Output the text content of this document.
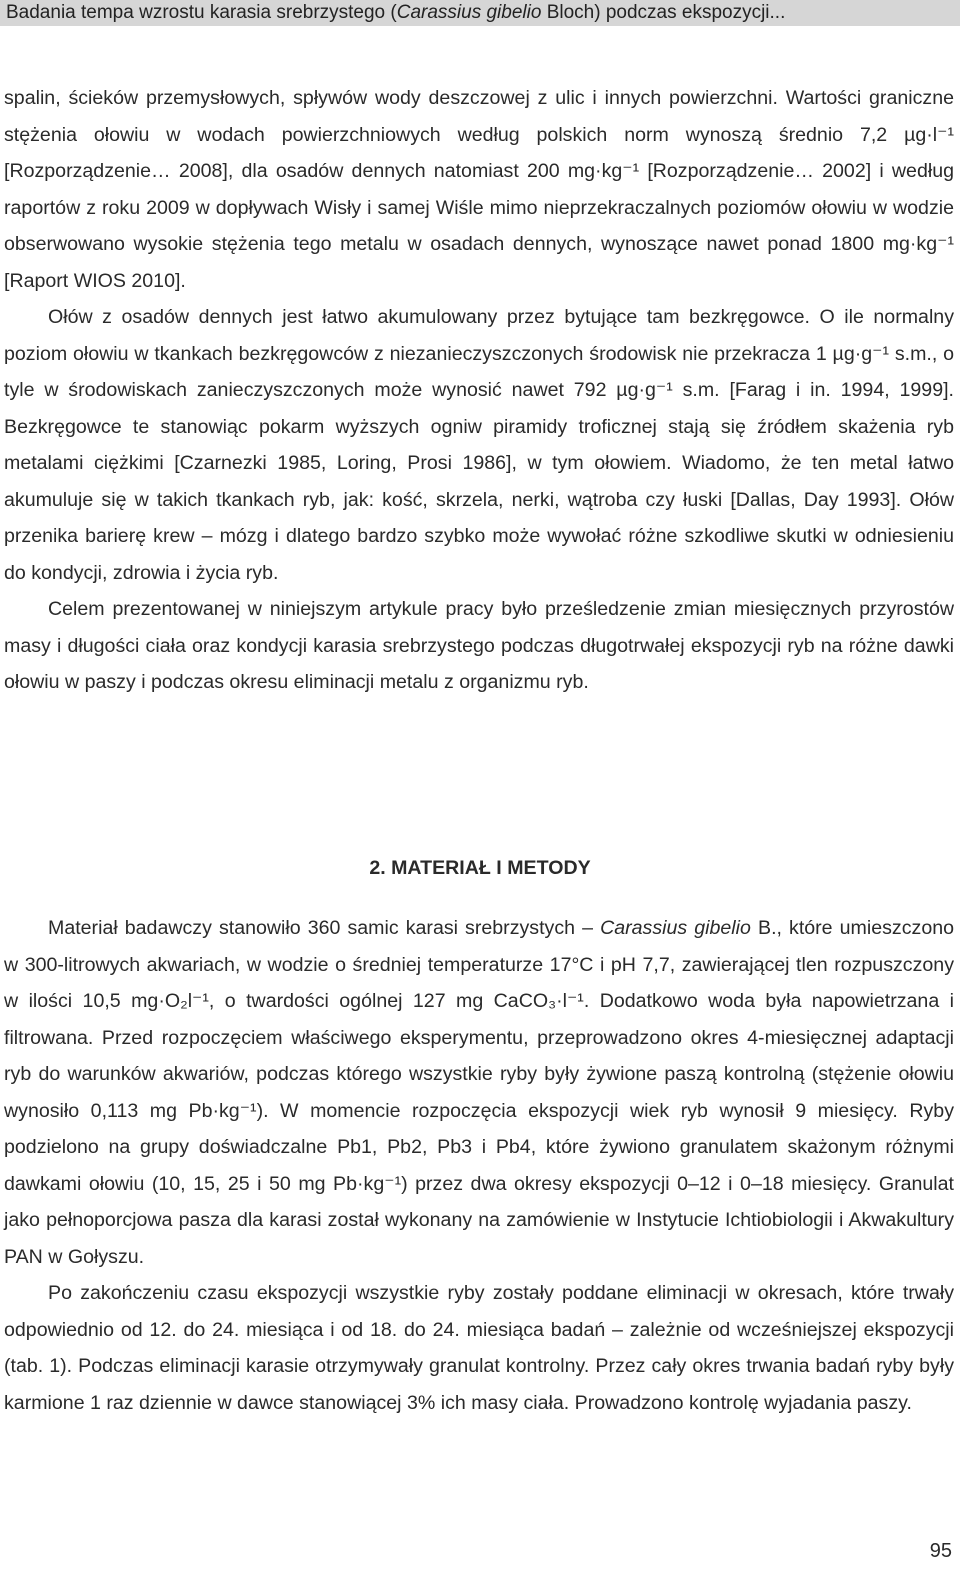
Badania tempa wzrostu karasia srebrzystego (Carassius gibelio Bloch) podczas ekspozycji...

spalin, ścieków przemysłowych, spływów wody deszczowej z ulic i innych powierzchni. Wartości graniczne stężenia ołowiu w wodach powierzchniowych według polskich norm wynoszą średnio 7,2 µg·l⁻¹ [Rozporządzenie… 2008], dla osadów dennych natomiast 200 mg·kg⁻¹ [Rozporządzenie… 2002] i według raportów z roku 2009 w dopływach Wisły i samej Wiśle mimo nieprzekraczalnych poziomów ołowiu w wodzie obserwowano wysokie stężenia tego metalu w osadach dennych, wynoszące nawet ponad 1800 mg·kg⁻¹ [Raport WIOS 2010].

Ołów z osadów dennych jest łatwo akumulowany przez bytujące tam bezkręgowce. O ile normalny poziom ołowiu w tkankach bezkręgowców z niezanieczyszczonych środowisk nie przekracza 1 µg·g⁻¹ s.m., o tyle w środowiskach zanieczyszczonych może wynosić nawet 792 µg·g⁻¹ s.m. [Farag i in. 1994, 1999]. Bezkręgowce te stanowiąc pokarm wyższych ogniw piramidy troficznej stają się źródłem skażenia ryb metalami ciężkimi [Czarnezki 1985, Loring, Prosi 1986], w tym ołowiem. Wiadomo, że ten metal łatwo akumuluje się w takich tkankach ryb, jak: kość, skrzela, nerki, wątroba czy łuski [Dallas, Day 1993]. Ołów przenika barierę krew – mózg i dlatego bardzo szybko może wywołać różne szkodliwe skutki w odniesieniu do kondycji, zdrowia i życia ryb.

Celem prezentowanej w niniejszym artykule pracy było prześledzenie zmian miesięcznych przyrostów masy i długości ciała oraz kondycji karasia srebrzystego podczas długotrwałej ekspozycji ryb na różne dawki ołowiu w paszy i podczas okresu eliminacji metalu z organizmu ryb.

2. MATERIAŁ I METODY

Materiał badawczy stanowiło 360 samic karasi srebrzystych – Carassius gibelio B., które umieszczono w 300-litrowych akwariach, w wodzie o średniej temperaturze 17°C i pH 7,7, zawierającej tlen rozpuszczony w ilości 10,5 mg·O₂l⁻¹, o twardości ogólnej 127 mg CaCO₃·l⁻¹. Dodatkowo woda była napowietrzana i filtrowana. Przed rozpoczęciem właściwego eksperymentu, przeprowadzono okres 4-miesięcznej adaptacji ryb do warunków akwariów, podczas którego wszystkie ryby były żywione paszą kontrolną (stężenie ołowiu wynosiło 0,113 mg Pb·kg⁻¹). W momencie rozpoczęcia ekspozycji wiek ryb wynosił 9 miesięcy. Ryby podzielono na grupy doświadczalne Pb1, Pb2, Pb3 i Pb4, które żywiono granulatem skażonym różnymi dawkami ołowiu (10, 15, 25 i 50 mg Pb·kg⁻¹) przez dwa okresy ekspozycji 0–12 i 0–18 miesięcy. Granulat jako pełnoporcjowa pasza dla karasi został wykonany na zamówienie w Instytucie Ichtiobiologii i Akwakultury PAN w Gołyszu.

Po zakończeniu czasu ekspozycji wszystkie ryby zostały poddane eliminacji w okresach, które trwały odpowiednio od 12. do 24. miesiąca i od 18. do 24. miesiąca badań – zależnie od wcześniejszej ekspozycji (tab. 1). Podczas eliminacji karasie otrzymywały granulat kontrolny. Przez cały okres trwania badań ryby były karmione 1 raz dziennie w dawce stanowiącej 3% ich masy ciała. Prowadzono kontrolę wyjadania paszy.

95
